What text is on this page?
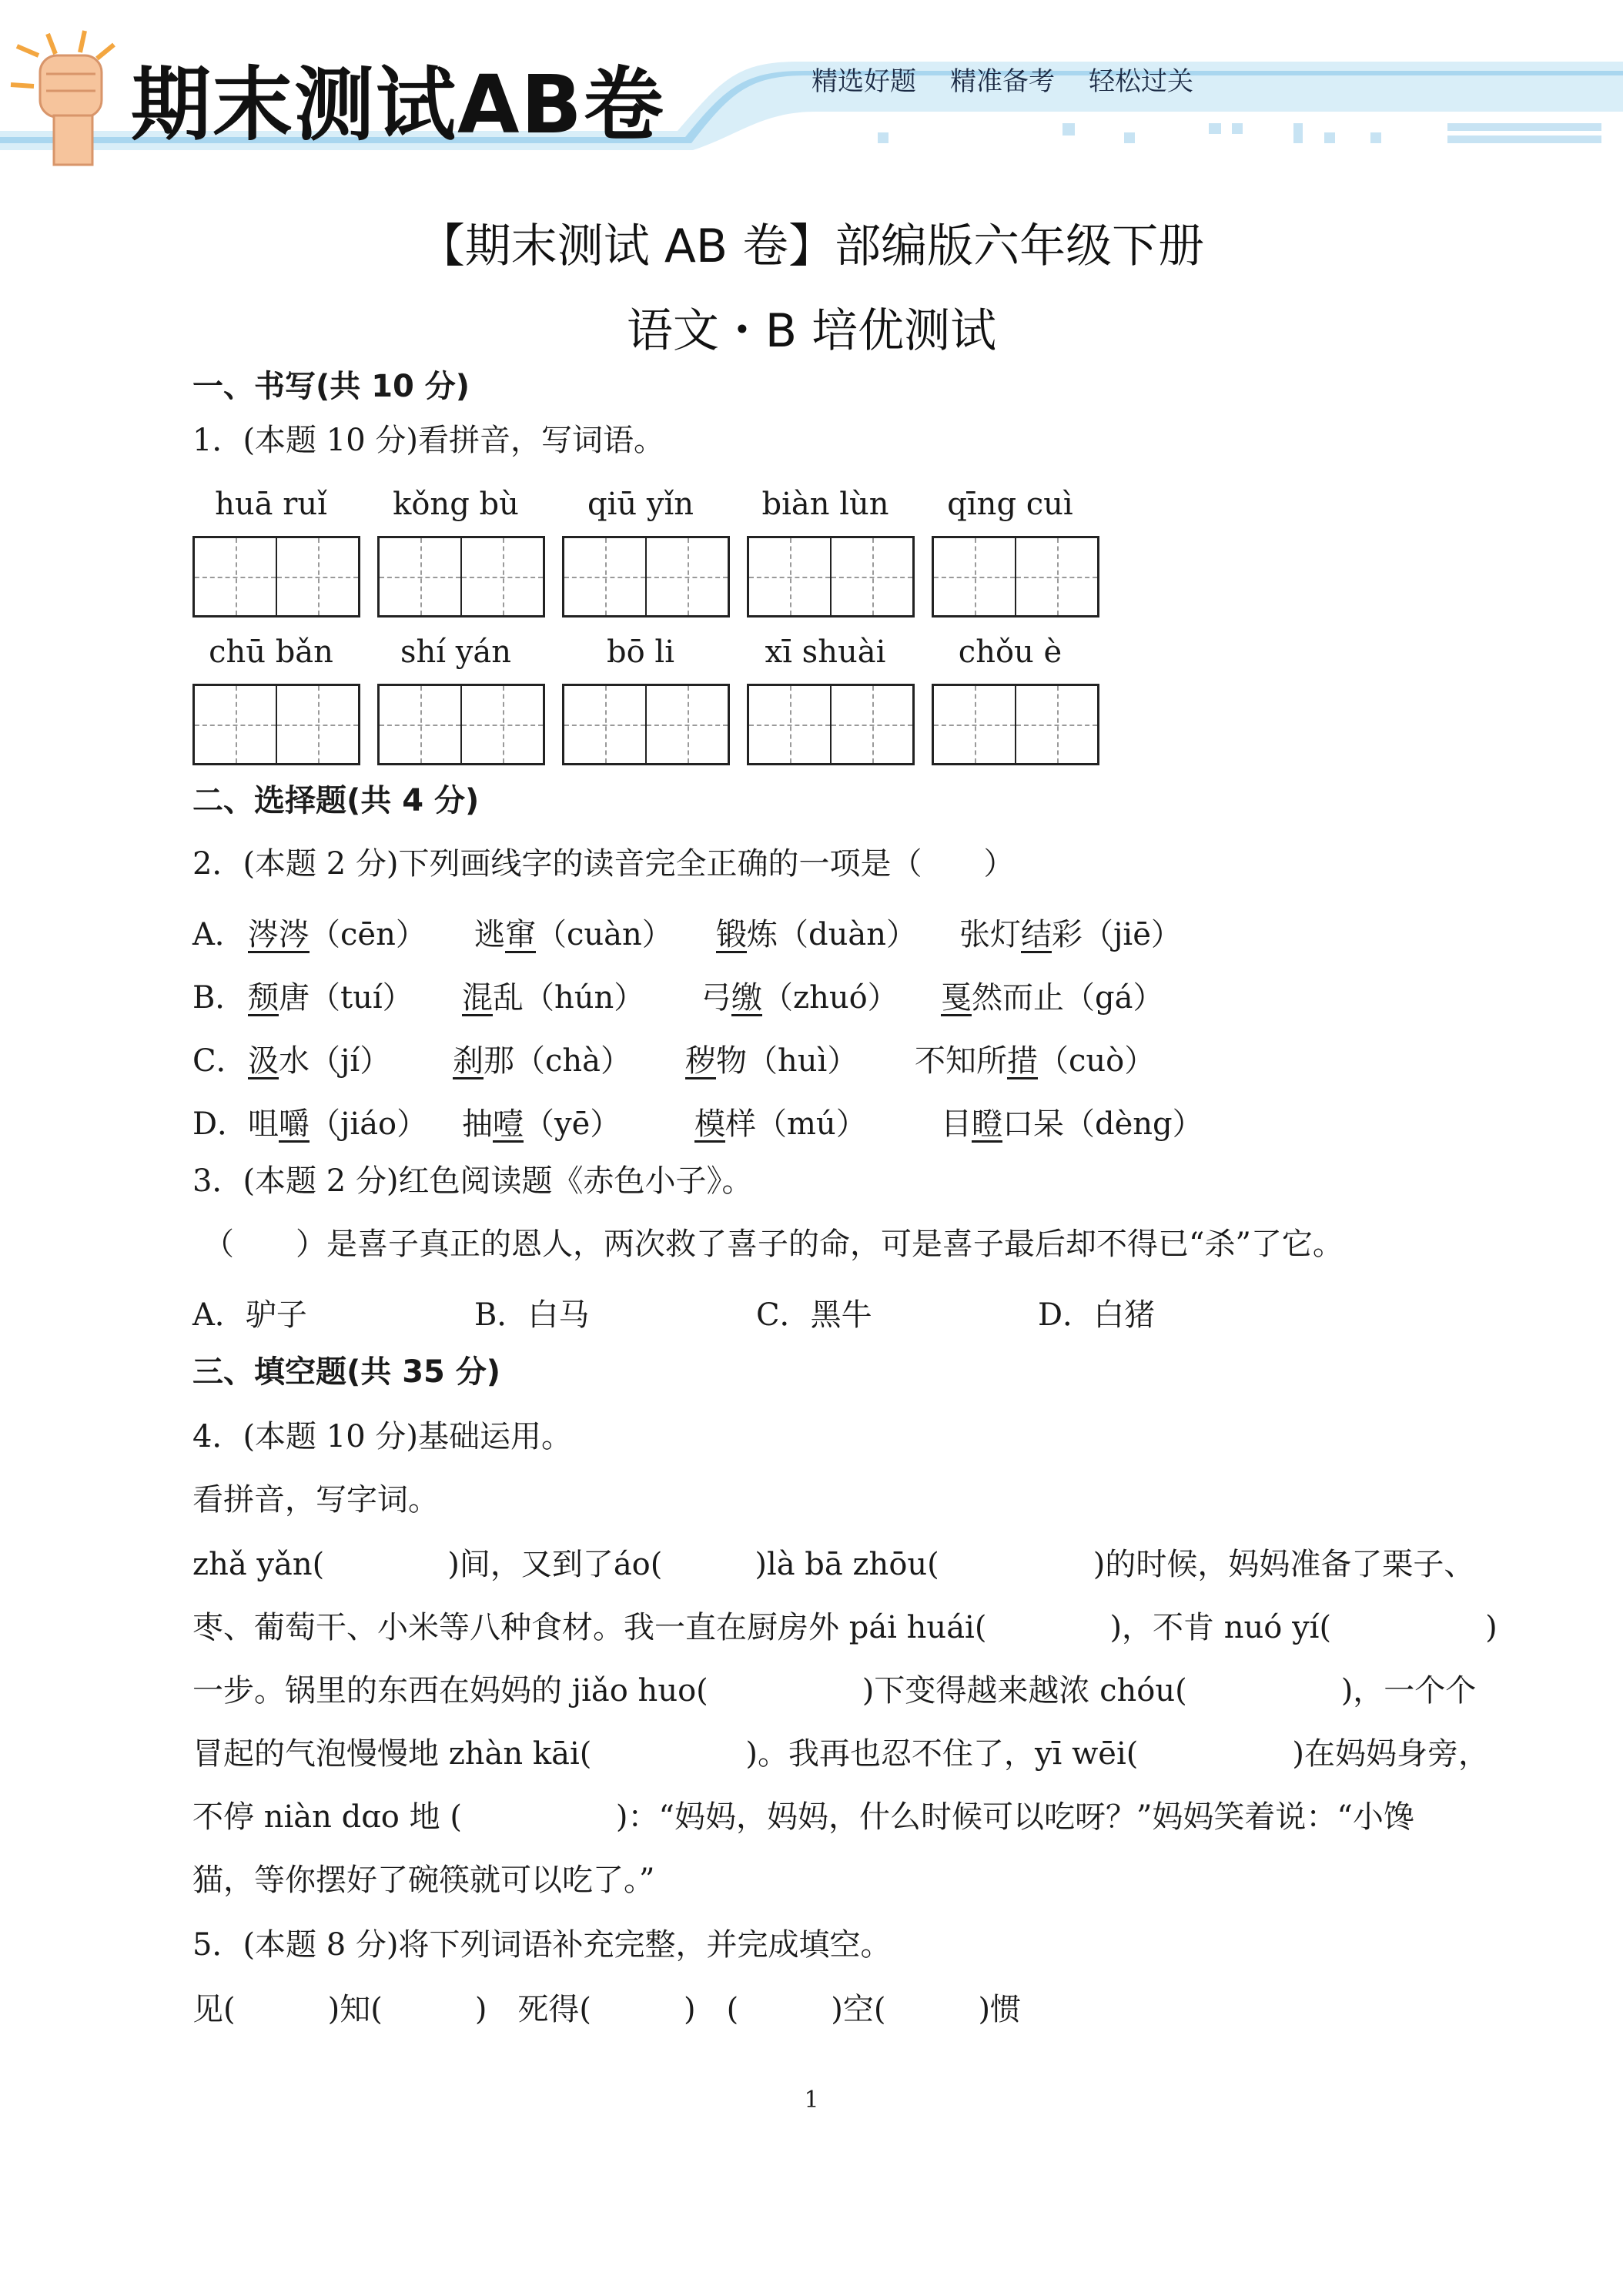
期末测试AB卷	精选好题 精准备考 轻松过关
【期末测试 AB 卷】部编版六年级下册
语文・B 培优测试
一、书写(共 10 分)
1．(本题 10 分)看拼音，写词语。
huā ruǐ	kǒng bù	qiū yǐn	biàn lùn	qīng cuì
chū bǎn	shí yán	bō li	xī shuài	chǒu è
二、选择题(共 4 分)
2．(本题 2 分)下列画线字的读音完全正确的一项是（　　）
A． 涔涔（cēn） 逃窜（cuàn） 锻炼（duàn） 张灯结彩（jiē）
B． 颓唐（tuí） 混乱（hún） 弓缴（zhuó） 戛然而止（gá）
C． 汲水（jí） 刹那（chà） 秽物（huì） 不知所措（cuò）
D． 咀嚼（jiáo） 抽噎（yē） 模样（mú） 目瞪口呆（dèng）
3．(本题 2 分)红色阅读题《赤色小子》。
（　　）是喜子真正的恩人，两次救了喜子的命，可是喜子最后却不得已“杀”了它。
A．驴子	B．白马	C．黑牛	D．白猪
三、填空题(共 35 分)
4．(本题 10 分)基础运用。
看拼音，写字词。
zhǎ yǎn(　　　　)间，又到了áo(　　　)là bā zhōu(　　　　　)的时候，妈妈准备了栗子、
枣、葡萄干、小米等八种食材。我一直在厨房外 pái huái(　　　　)，不肯 nuó yí(　　　　　)
一步。锅里的东西在妈妈的 jiǎo huo(　　　　　)下变得越来越浓 chóu(　　　　　)，一个个
冒起的气泡慢慢地 zhàn kāi(　　　　　)。我再也忍不住了，yī wēi(　　　　　)在妈妈身旁，
不停 niàn dɑo 地 (　　　　　)：“妈妈，妈妈，什么时候可以吃呀？”妈妈笑着说：“小馋
猫，等你摆好了碗筷就可以吃了。”
5．(本题 8 分)将下列词语补充完整，并完成填空。
见(　　　)知(　　　)　死得(　　　)　(　　　)空(　　　)惯
1
